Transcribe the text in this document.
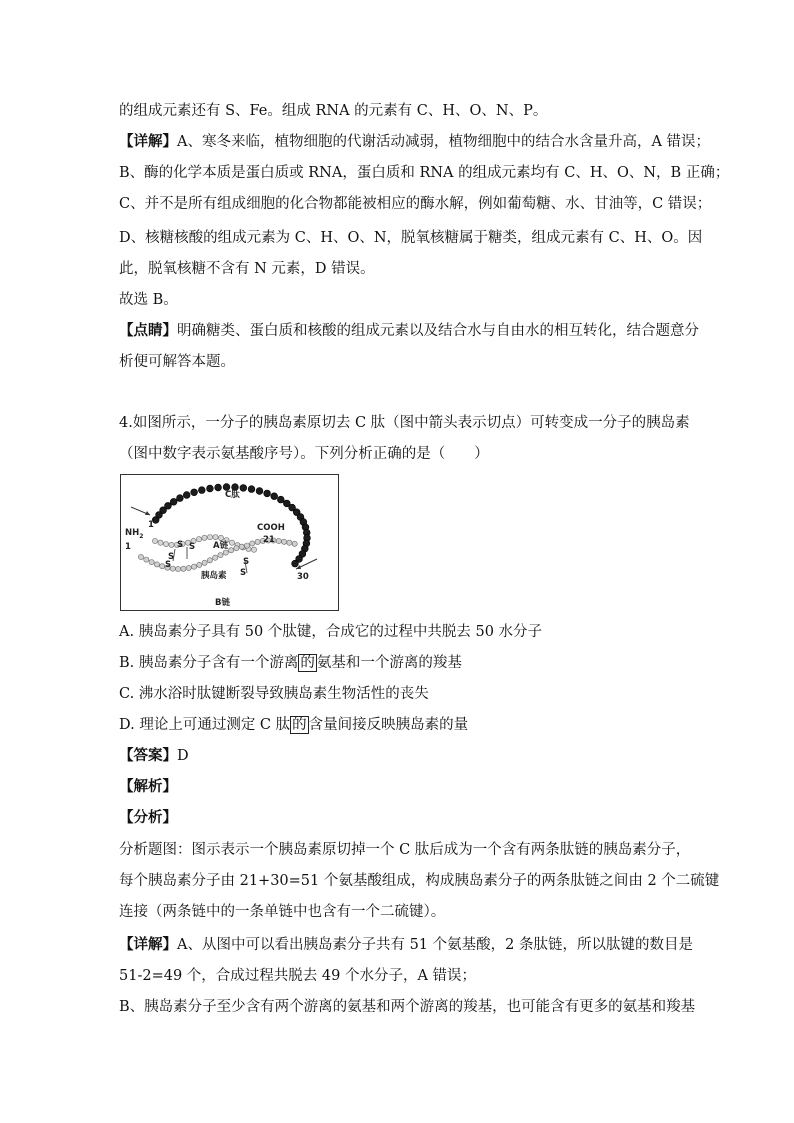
的组成元素还有 S、Fe。组成 RNA 的元素有 C、H、O、N、P。
【详解】A、寒冬来临，植物细胞的代谢活动减弱，植物细胞中的结合水含量升高，A 错误；
B、酶的化学本质是蛋白质或 RNA，蛋白质和 RNA 的组成元素均有 C、H、O、N，B 正确；
C、并不是所有组成细胞的化合物都能被相应的酶水解，例如葡萄糖、水、甘油等，C 错误；
D、核糖核酸的组成元素为 C、H、O、N，脱氧核糖属于糖类，组成元素有 C、H、O。因
此，脱氧核糖不含有 N 元素，D 错误。
故选 B。
【点睛】明确糖类、蛋白质和核酸的组成元素以及结合水与自由水的相互转化，结合题意分
析便可解答本题。
4.如图所示，一分子的胰岛素原切去 C 肽（图中箭头表示切点）可转变成一分子的胰岛素
（图中数字表示氨基酸序号）。下列分析正确的是（　　）
C肽
$NH_2$
1
1
COOH
21
A链
胰岛素
B链
30
S S
S
S	S
S
A. 胰岛素分子具有 50 个肽键，合成它的过程中共脱去 50 水分子
B. 胰岛素分子含有一个游离 的 氨基和一个游离的羧基
C. 沸水浴时肽键断裂导致胰岛素生物活性的丧失
D. 理论上可通过测定 C 肽 的 含量间接反映胰岛素的量
【答案】D
【解析】
【分析】
分析题图：图示表示一个胰岛素原切掉一个 C 肽后成为一个含有两条肽链的胰岛素分子，
每个胰岛素分子由 21+30=51 个氨基酸组成，构成胰岛素分子的两条肽链之间由 2 个二硫键
连接（两条链中的一条单链中也含有一个二硫键）。
【详解】A、从图中可以看出胰岛素分子共有 51 个氨基酸，2 条肽链，所以肽键的数目是
51-2=49 个，合成过程共脱去 49 个水分子，A 错误；
B、胰岛素分子至少含有两个游离的氨基和两个游离的羧基，也可能含有更多的氨基和羧基
